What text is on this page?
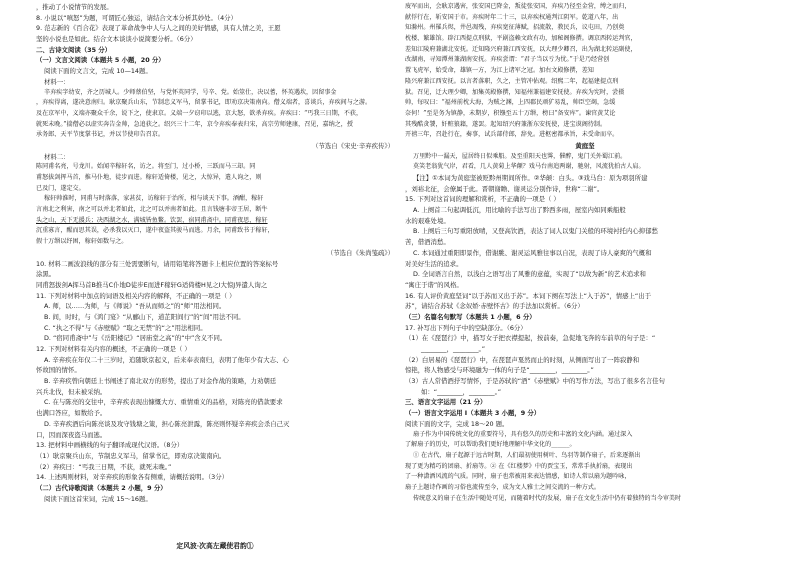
，推动了小说情节的发展。
8. 小说以“嗔怒”为题，可谓匠心独运，请结合文本分析其妙处。（4分）
9. 范志新的《百合花》表现了革命战争中人与人之间的美好情感，具有人情之美，王愿
坚的小说也是如此。结合文本谈谈小说简要分析。（6分）
二、古诗文阅读（35 分）
（一）文言文阅读（本题共 5 小题，20 分）
阅读下面的文言文，完成 10—14题。
材料一：
辛弃疾字幼安，齐之历城人。少师蔡伯坚，与党怀英同学，号辛、党。始筮仕，决以蓍，怀英遇坎，因留事金
，弃疾得离，遂决意南归。耿京聚兵山东，节制忠义军马，留掌书记，即劝京决策南向。僧义端者，喜谈兵，弃疾间与之游。
及在京军中，义端亦聚众千余，说下之，使隶京。义端一夕窃印以逃，京大怒，欲杀弃疾。弃疾曰：“丐我三日期，不获，
就死未晚。”揣僧必以虚实奔告金帅，急追获之。绍兴三十二年，京令弃疾奉表归宋，高宗劳师建康，召见，嘉纳之，授
承务郎、天平节度掌书记，并以节使印告召京。
（节选自《宋史·辛弃疾传》）
材料二：
陈同甫名亮，号龙川。始闻辛稼轩名，访之。将至门，过小桥，三跃而马三却。同
甫怒拔剑挥马首，推马仆地，徒步而进。稼轩适倚楼，见之，大惊异，遣人询之，则
已及门，遂定交。
稼轩帅淮时，同甫与时落落，家甚贫，访稼轩于治所，相与谈天下事。酒酣，稼轩
言南北之利害，南之可以并北者如此，北之可以并南者如此。且言钱塘非帝王居，断牛
头之山，天下无援兵；决西湖之水，满城皆鱼鳖。饮罢，宿同甫斋中。同甫夜思，稼轩
沉重寡言，醒而思其误，必杀我以灭口，遂中夜盗其骏马而逃。月余，同甫致书于稼轩，
假十万缗以纾困，稼轩如数与之。
（节选自《朱尚笺疏》）
10. 材料二画波浪线的部分有三处需要断句，请用铅笔将答题卡上相应位置的答案标号
涂黑。
同甫怒拔剑A挥马首B推马C仆地D徒步E而进F稼轩G适倚楼H见之I大惊J异遣人询之
11. 下列对材料中加点的词语及相关内容的解释，不正确的一项是（ ）
A. 师，以……为师，与《师说》“吾从而师之”的“师”用法相同。
B. 间，时时，与《鸿门宴》“从郦山下，道芷阳间行”的“间”用法不同。
C. “执之不得”与《赤壁赋》“取之无禁”的“之”用法相同。
D. “宿同甫斋中”与《岳阳楼记》“居庙堂之高”的“中”含义不同。
12. 下列对材料有关内容的概述，不正确的一项是（ ）
A. 辛弃疾在年仅二十三岁时，追随耿京起义，后来奉表南归，表明了他年少有大志、心
怀故国的情怀。
B. 辛弃疾曾向朝廷上书阐述了南北双方的形势，提出了对金作战的策略，力劝朝廷
兴兵北伐，但未被采纳。
C. 在与陈亮的交往中，辛弃疾表现出慷慨大方、重情重义的品格，对陈亮的借款要求
也满口答应，如数给予。
D. 辛弃疾酒后向陈亮谈及攻守钱塘之策，担心陈亮泄露，陈亮则怀疑辛弃疾会杀自己灭
口，因而深夜盗马而逃。
13. 把材料中画横线的句子翻译成现代汉语。（8分）
（1）耿京聚兵山东，节制忠义军马，留掌书记，即劝京决策南向。
（2）弃疾曰：“丐我三日期，不获，就死未晚。”
14. 上述两则材料，对辛弃疾的形象各有侧重，请概括说明。（3分）
（二）古代诗歌阅读（本题共 2 小题，9 分）
阅读下面这首宋词，完成 15～16题。
定风波·次高左藏使君韵①
废军而出，会耿京遇害，张安国已降金，叛徒张安国，弃疾乃径至金营，缚之而归，
献俘行在，斩安国于市。弃疾时年二十三，以弃疾权通判江阴军。乾道八年，出
知滁州。州罹兵烬，井邑凋残，弃疾宽征薄赋，招流散，教民兵，议屯田，乃创奠
枕楼、繁雄馆。辟江西提点刑狱，平剧盗赖文政有功，加秘阁修撰。调京西转运判官，
差知江陵府兼湖北安抚。迁知隆兴府兼江西安抚，以大理少卿召，出为湖北转运副使，
改湖南，寻知潭州兼湖南安抚。弃疾尝谓：“君子当以亏为忧。”于是乃经营创
置飞虎军，始受命，雄镇一方，为江上诸军之冠。加右文殿修撰，差知
隆兴府兼江西安抚。以言者落职，久之，主管冲佑观。绍熙二年，起福建提点刑
狱。召见，迁大理少卿，加集英殿修撰，知福州兼福建安抚使。弃疾为宪时，尝摄
帅，每叹曰：“福州前枕大海，为贼之渊，上四郡民顽犷易乱，帅臣空竭，急缓
奈何！”至是务为镇静，未期岁，积镪至五十万缗，榜曰“备安库”。谏官黄艾论
其残酷贪饕，奸赃狼籍，遂罢。起知绍兴府兼浙东安抚使，进宝谟阁待制。
开禧三年，召赴行在，奏事，试兵部侍郎，辞免。进枢密都承旨，未受命而卒。
黄庭坚
万里黔中一漏天，屋居终日似乘船。及至重阳天也霁，催醉，鬼门关外蜀江前。
莫笑老翁犹气岸，君看，几人黄菊上华颠？戏马台南追两谢，驰射，风流犹拍古人肩。
【注】①本词为黄庭坚被贬黔州期间所作。②华颠：白头。③戏马台：原为项羽所建
，刘裕北征，会僚属于此。晋朝谢瞻、谢灵运分别作诗，世称“二谢”。
15. 下列对这首词的理解和赏析，不正确的一项是（ ）
A. 上阕首二句起调低沉，用比喻的手法写出了黔西多雨，屋室内如同乘船般
水的艰难处境。
B. 上阕后三句写重阳放晴，又登高饮酒，表达了词人以鬼门关般的环境衬托内心抑郁愁
苦，借酒消愁。
C. 本词通过重阳即景作，借谢脁、谢灵运风雅往事以自况，表现了诗人豪爽的气概和
对美好生活的追求。
D. 全词语言自然，以浅白之语写出了风雅的意蕴，实现了“以故为新”的艺术追求和
“寓庄于谐”的风格。
16. 有人评价黄庭坚词“以于苏而又出于苏”。本词下阕在写法上“入于苏”，情感上“出于
苏”，请结合苏轼《念奴娇·赤壁怀古》的手法加以赏析。（6分）
（三）名篇名句默写（本题共 1 小题，6 分）
17. 补写出下列句子中的空缺部分。（6分）
（1）在《琵琶行》中，描写女子把衣襟提起，按前奏，急促地飞奔的车前草的句子是：“
________，________。”
（2）白居易的《琵琶行》中，在琵琶声戛然而止的时刻，从侧面写出了一阵寂静和
惊艳，将人物感受与环境融为一体的句子是“________，________。”
（3）古人常借酒抒写情怀，于是苏轼的“酒”《赤壁赋》中的写作方法，写出了很多名言佳句
如：“________，________。”
三、语言文字运用（21 分）
（一）语言文字运用 I（本题共 3 小题，9 分）
阅读下面的文字，完成 18～20 题。
扇子作为中国传统文化的重要符号，具有悠久的历史和丰富的文化内涵。通过深入
了解扇子的历史，可以帮助我们更好地理解中华文化的______。
① 在古代，扇子起源于远古时期，人们最初使用树叶、鸟羽等制作扇子，后来逐渐出
现了更为精巧的团扇、折扇等。② 在《红楼梦》中的贾宝玉，常常手执折扇，表现出
了一种潇洒风流的气质。同时，扇子也常被用来表达情感，如诗人常以扇为题吟咏，
扇子上题诗作画的习俗也流传至今，成为文人雅士之间交流的一种方式。
传统意义的扇子在生活中随处可见，而随着时代的发展，扇子在文化生活中仍有着独特的当今审美时
